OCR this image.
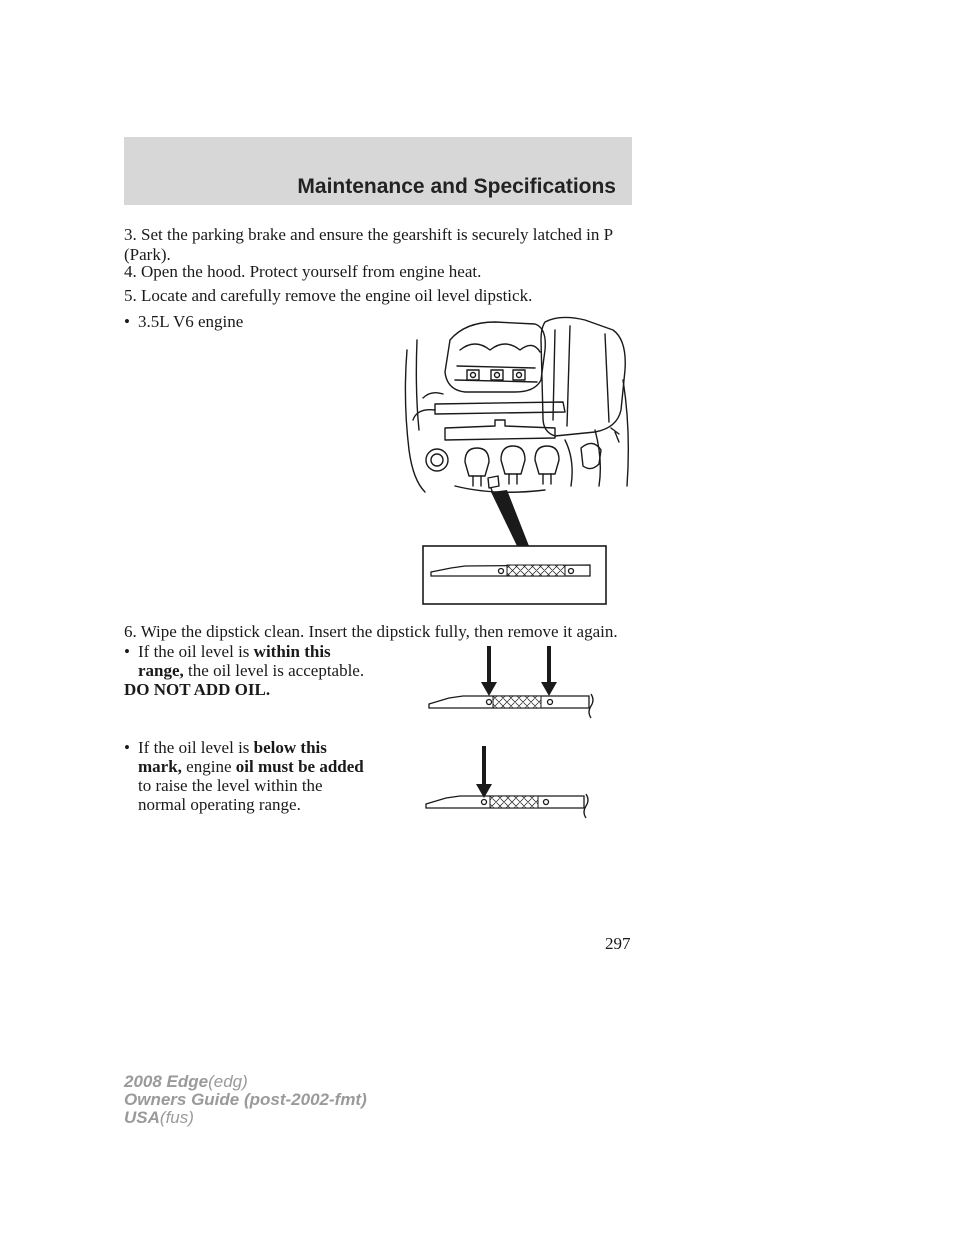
Maintenance and Specifications
3. Set the parking brake and ensure the gearshift is securely latched in P
(Park).
4. Open the hood. Protect yourself from engine heat.
5. Locate and carefully remove the engine oil level dipstick.
• 3.5L V6 engine
6. Wipe the dipstick clean. Insert the dipstick fully, then remove it again.
• If the oil level is within this
range, the oil level is acceptable.
DO NOT ADD OIL.
• If the oil level is below this
mark, engine oil must be added
to raise the level within the
normal operating range.
297
2008 Edge(edg)
Owners Guide (post-2002-fmt)
USA(fus)
